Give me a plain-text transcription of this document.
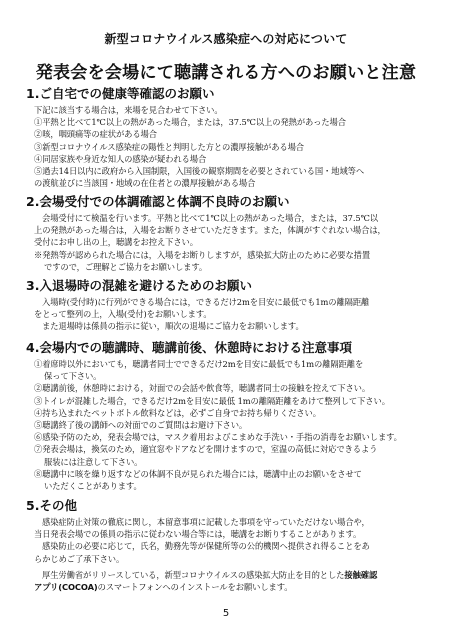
新型コロナウイルス感染症への対応について
発表会を会場にて聴講される方へのお願いと注意
1.ご自宅での健康等確認のお願い

下記に該当する場合は，来場を見合わせて下さい。

①平熱と比べて1℃以上の熱があった場合，または，37.5℃以上の発熱があった場合

②咳，咽頭痛等の症状がある場合

③新型コロナウイルス感染症の陽性と判明した方との濃厚接触がある場合

④同居家族や身近な知人の感染が疑われる場合

⑤過去14日以内に政府から入国制限，入国後の観察期間を必要とされている国・地域等へ

の渡航並びに当該国・地域の在住者との濃厚接触がある場合

2.会場受付での体調確認と体調不良時のお願い

会場受付にて検温を行います。平熱と比べて1℃以上の熱があった場合，または，37.5℃以

上の発熱があった場合は，入場をお断りさせていただきます。また，体調がすぐれない場合は，

受付にお申し出の上，聴講をお控え下さい。

※発熱等が認められた場合には，入場をお断りしますが，感染拡大防止のために必要な措置

ですので，ご理解とご協力をお願いします。

3.入退場時の混雑を避けるためのお願い

入場時(受付時)に行列ができる場合には，できるだけ2mを目安に最低でも1mの離隔距離

をとって整列の上，入場(受付)をお願いします。

また退場時は係員の指示に従い，順次の退場にご協力をお願いします。

4.会場内での聴講時、聴講前後、休憩時における注意事項

①着席時以外においても，聴講者同士でできるだけ2mを目安に最低でも1mの離隔距離を

保って下さい。

②聴講前後，休憩時における，対面での会話や飲食等，聴講者同士の接触を控えて下さい。

③トイレが混雑した場合，できるだけ2mを目安に最低 1mの離隔距離をあけて整列して下さい。

④持ち込まれたペットボトル飲料などは，必ずご自身でお持ち帰りください。

⑤聴講終了後の講師への対面でのご質問はお避け下さい。

⑥感染予防のため，発表会場では，マスク着用およびこまめな手洗い・手指の消毒をお願いします。

⑦発表会場は，換気のため，適宜窓やドアなどを開けますので，室温の高低に対応できるよう

服装には注意して下さい。

⑧聴講中に咳を繰り返すなどの体調不良が見られた場合には，聴講中止のお願いをさせて

いただくことがあります。

5.その他

感染症防止対策の徹底に関し，本留意事項に記載した事項を守っていただけない場合や，

当日発表会場での係員の指示に従わない場合等には，聴講をお断りすることがあります。

感染防止の必要に応じて，氏名，勤務先等が保健所等の公的機関へ提供され得ることをあ

らかじめご了承下さい。

厚生労働省がリリースしている，新型コロナウイルスの感染拡大防止を目的とした接触確認

アプリ(COCOA)のスマートフォンへのインストールをお願いします。

5
